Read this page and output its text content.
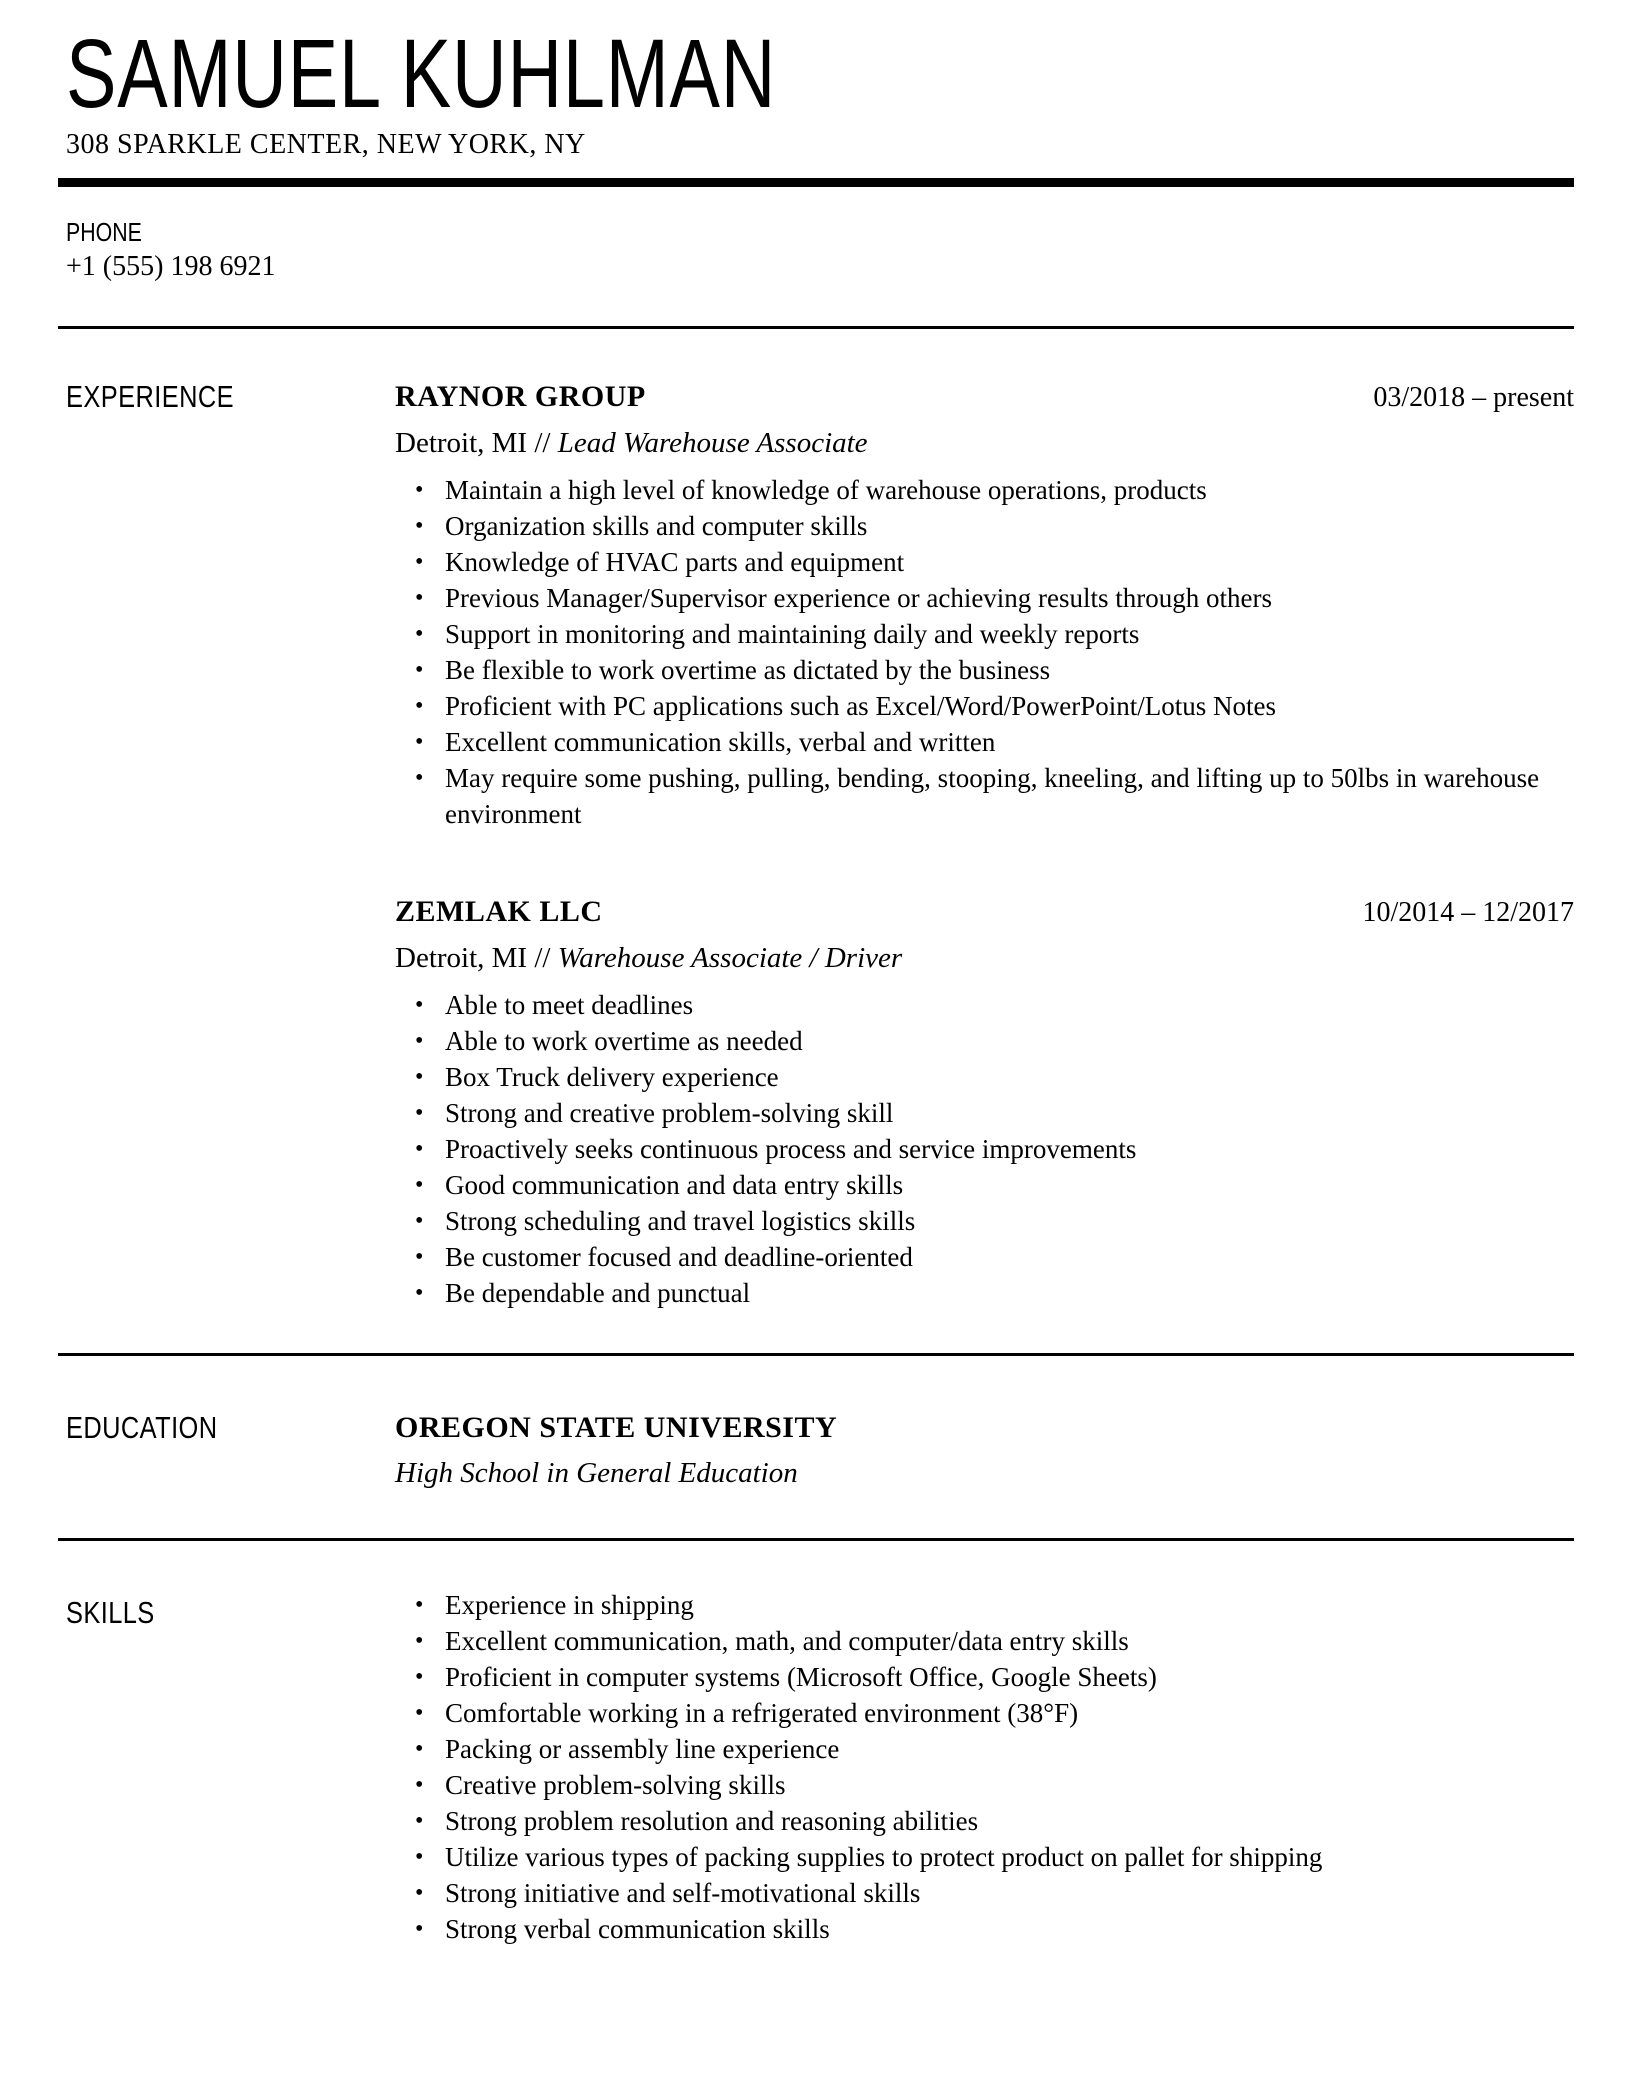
SAMUEL KUHLMAN
308 SPARKLE CENTER, NEW YORK, NY
PHONE
+1 (555) 198 6921
EXPERIENCE	RAYNOR GROUP	03/2018 – present
Detroit, MI // Lead Warehouse Associate
• Maintain a high level of knowledge of warehouse operations, products
• Organization skills and computer skills
• Knowledge of HVAC parts and equipment
• Previous Manager/Supervisor experience or achieving results through others
• Support in monitoring and maintaining daily and weekly reports
• Be flexible to work overtime as dictated by the business
• Proficient with PC applications such as Excel/Word/PowerPoint/Lotus Notes
• Excellent communication skills, verbal and written
• May require some pushing, pulling, bending, stooping, kneeling, and lifting up to 50lbs in warehouse environment
ZEMLAK LLC	10/2014 – 12/2017
Detroit, MI // Warehouse Associate / Driver
• Able to meet deadlines
• Able to work overtime as needed
• Box Truck delivery experience
• Strong and creative problem-solving skill
• Proactively seeks continuous process and service improvements
• Good communication and data entry skills
• Strong scheduling and travel logistics skills
• Be customer focused and deadline-oriented
• Be dependable and punctual
EDUCATION	OREGON STATE UNIVERSITY
High School in General Education
SKILLS	• Experience in shipping
• Excellent communication, math, and computer/data entry skills
• Proficient in computer systems (Microsoft Office, Google Sheets)
• Comfortable working in a refrigerated environment (38°F)
• Packing or assembly line experience
• Creative problem-solving skills
• Strong problem resolution and reasoning abilities
• Utilize various types of packing supplies to protect product on pallet for shipping
• Strong initiative and self-motivational skills
• Strong verbal communication skills
